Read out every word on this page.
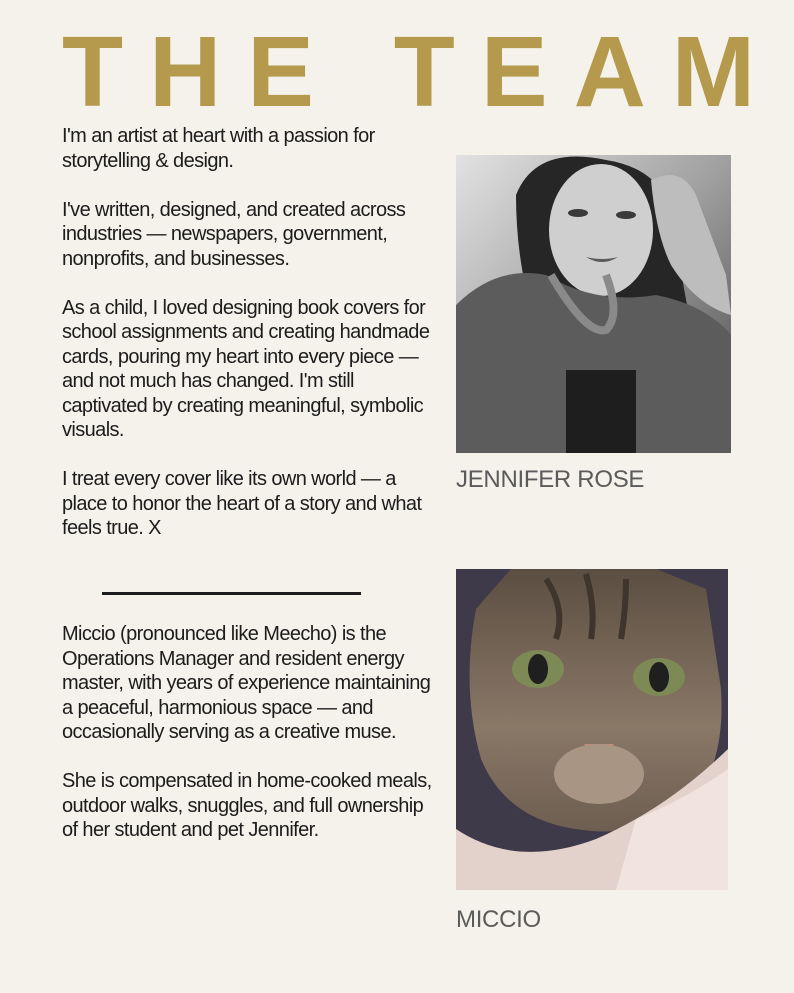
THE TEAM

I'm an artist at heart with a passion for storytelling & design.

I've written, designed, and created across industries — newspapers, government, nonprofits, and businesses.

As a child, I loved designing book covers for school assignments and creating handmade cards, pouring my heart into every piece — and not much has changed. I'm still captivated by creating meaningful, symbolic visuals.

I treat every cover like its own world — a place to honor the heart of a story and what feels true. X

Miccio (pronounced like Meecho) is the Operations Manager and resident energy master, with years of experience maintaining a peaceful, harmonious space — and occasionally serving as a creative muse.

She is compensated in home-cooked meals, outdoor walks, snuggles, and full ownership of her student and pet Jennifer.

JENNIFER ROSE
MICCIO
